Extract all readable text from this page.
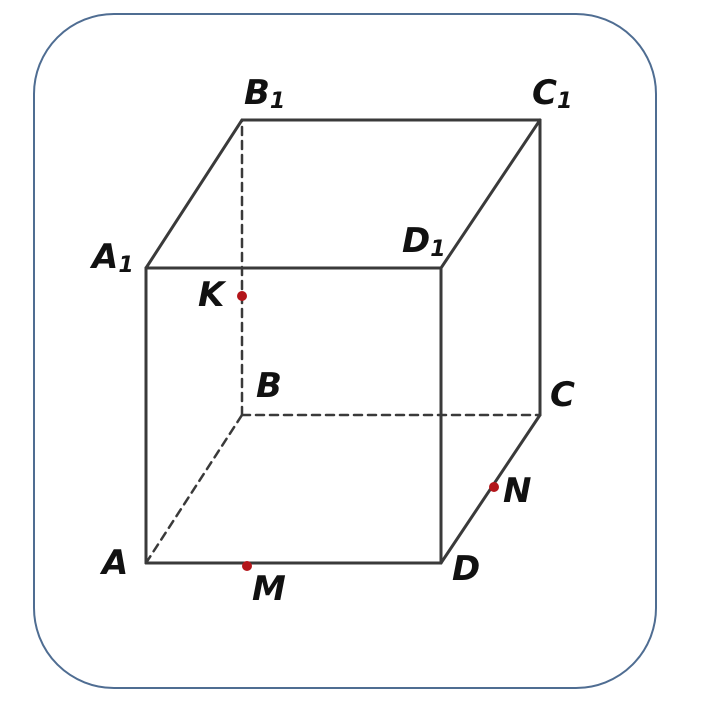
B1	C1
A1
D1
B	C
A	D
K
M
N
